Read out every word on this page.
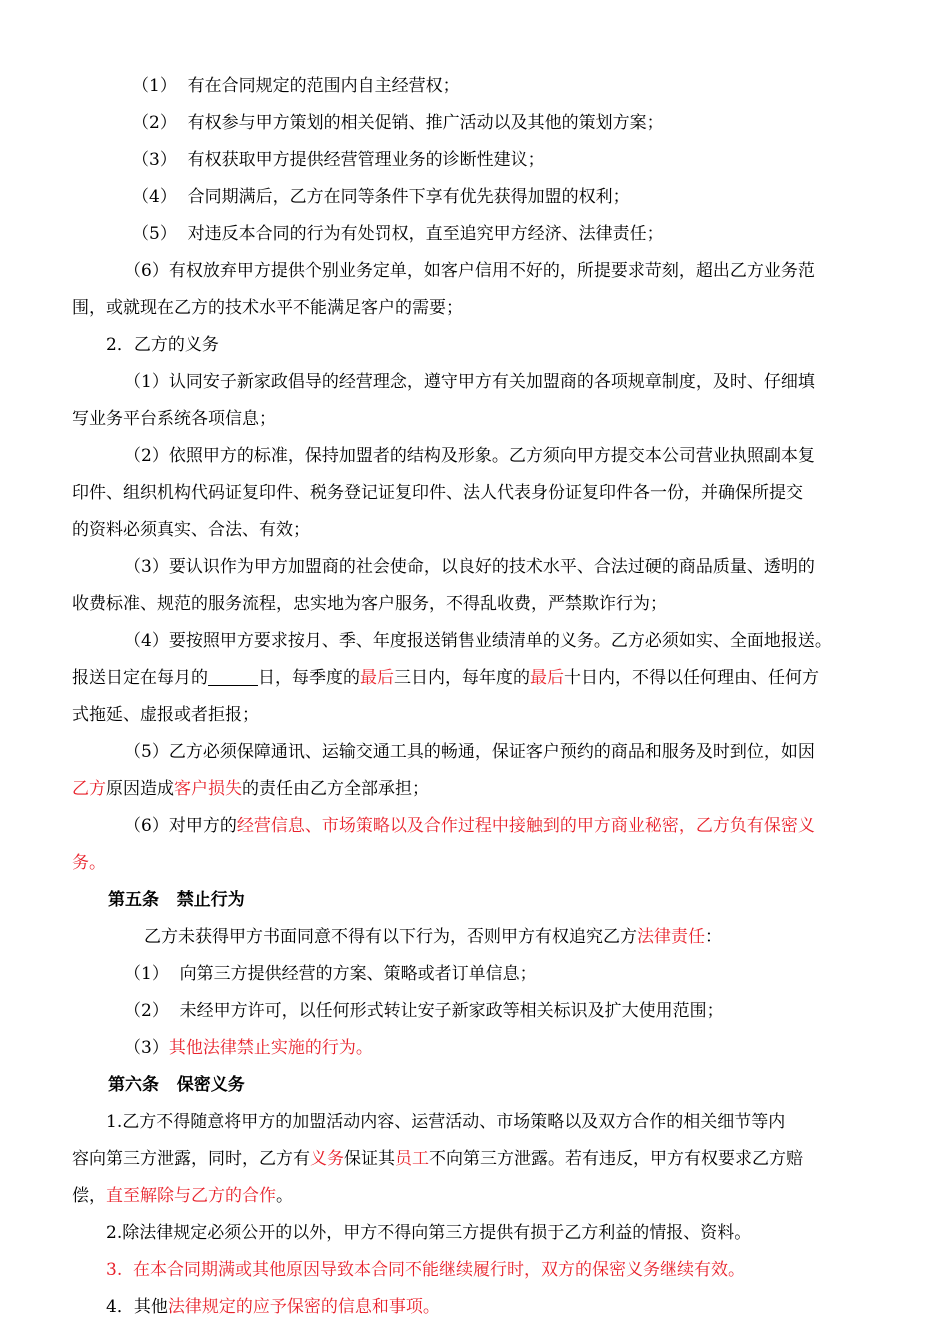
（1）  有在合同规定的范围内自主经营权；
（2）  有权参与甲方策划的相关促销、推广活动以及其他的策划方案；
（3）  有权获取甲方提供经营管理业务的诊断性建议；
（4）  合同期满后，乙方在同等条件下享有优先获得加盟的权利；
（5）  对违反本合同的行为有处罚权，直至追究甲方经济、法律责任；
（6）有权放弃甲方提供个别业务定单，如客户信用不好的，所提要求苛刻，超出乙方业务范
围，或就现在乙方的技术水平不能满足客户的需要；
2．乙方的义务
（1）认同安子新家政倡导的经营理念，遵守甲方有关加盟商的各项规章制度，及时、仔细填
写业务平台系统各项信息；
（2）依照甲方的标准，保持加盟者的结构及形象。乙方须向甲方提交本公司营业执照副本复
印件、组织机构代码证复印件、税务登记证复印件、法人代表身份证复印件各一份，并确保所提交
的资料必须真实、合法、有效；
（3）要认识作为甲方加盟商的社会使命，以良好的技术水平、合法过硬的商品质量、透明的
收费标准、规范的服务流程，忠实地为客户服务，不得乱收费，严禁欺诈行为；
（4）要按照甲方要求按月、季、年度报送销售业绩清单的义务。乙方必须如实、全面地报送。
报送日定在每月的	日，每季度的最后三日内，每年度的最后十日内，不得以任何理由、任何方
式拖延、虚报或者拒报；
（5）乙方必须保障通讯、运输交通工具的畅通，保证客户预约的商品和服务及时到位，如因
乙方原因造成客户损失的责任由乙方全部承担；
（6）对甲方的经营信息、市场策略以及合作过程中接触到的甲方商业秘密，乙方负有保密义
务。
第五条   禁止行为
乙方未获得甲方书面同意不得有以下行为，否则甲方有权追究乙方法律责任：
（1）  向第三方提供经营的方案、策略或者订单信息；
（2）  未经甲方许可，以任何形式转让安子新家政等相关标识及扩大使用范围；
（3）其他法律禁止实施的行为。
第六条   保密义务
1.乙方不得随意将甲方的加盟活动内容、运营活动、市场策略以及双方合作的相关细节等内
容向第三方泄露，同时，乙方有义务保证其员工不向第三方泄露。若有违反，甲方有权要求乙方赔
偿，直至解除与乙方的合作。
2.除法律规定必须公开的以外，甲方不得向第三方提供有损于乙方利益的情报、资料。
3.  在本合同期满或其他原因导致本合同不能继续履行时，双方的保密义务继续有效。
4．其他法律规定的应予保密的信息和事项。
